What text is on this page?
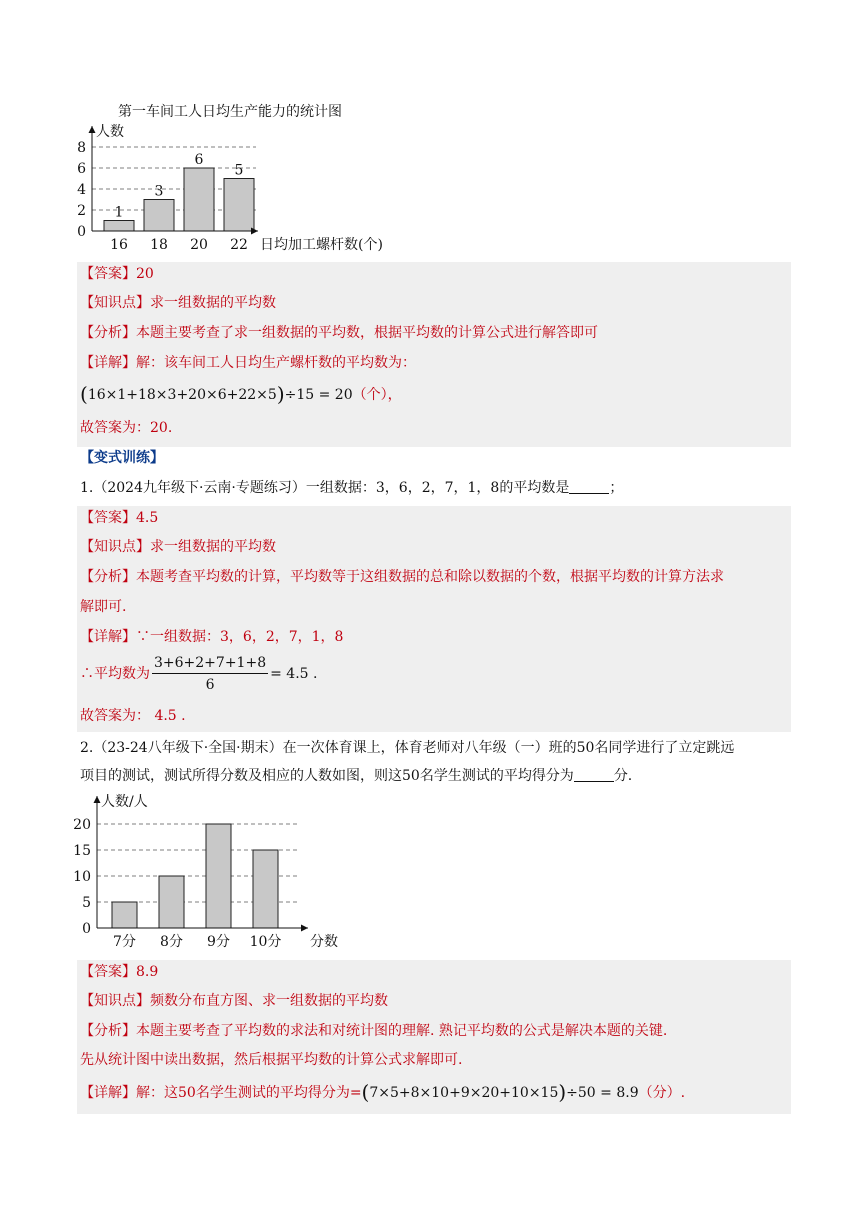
第一车间工人日均生产能力的统计图
0
2
4
6
8
16
1
18
3
20
6
22
5
人数
日均加工螺杆数(个)
【答案】20
【知识点】求一组数据的平均数
【分析】本题主要考查了求一组数据的平均数，根据平均数的计算公式进行解答即可
【详解】解：该车间工人日均生产螺杆数的平均数为：
(16×1+18×3+20×6+22×5)÷15 = 20（个），
故答案为：20.
【变式训练】
1.（2024九年级下·云南·专题练习）一组数据：3，6，2，7，1，8的平均数是	；
【答案】4.5
【知识点】求一组数据的平均数
【分析】本题考查平均数的计算，平均数等于这组数据的总和除以数据的个数，根据平均数的计算方法求
解即可.
【详解】∵一组数据：3，6，2，7，1，8
∴平均数为 $\frac{3+6+2+7+1+8}{6} = 4.5$ .
故答案为： 4.5 .
2.（23-24八年级下·全国·期末）在一次体育课上，体育老师对八年级（一）班的50名同学进行了立定跳远
项目的测试，测试所得分数及相应的人数如图，则这50名学生测试的平均得分为	分.
0
5
10
15
20
7分 8分 9分 10分
人数/人
分数
【答案】8.9
【知识点】频数分布直方图、求一组数据的平均数
【分析】本题主要考查了平均数的求法和对统计图的理解. 熟记平均数的公式是解决本题的关键.
先从统计图中读出数据，然后根据平均数的计算公式求解即可.
【详解】解：这50名学生测试的平均得分为=(7×5+8×10+9×20+10×15)÷50 = 8.9（分）.
